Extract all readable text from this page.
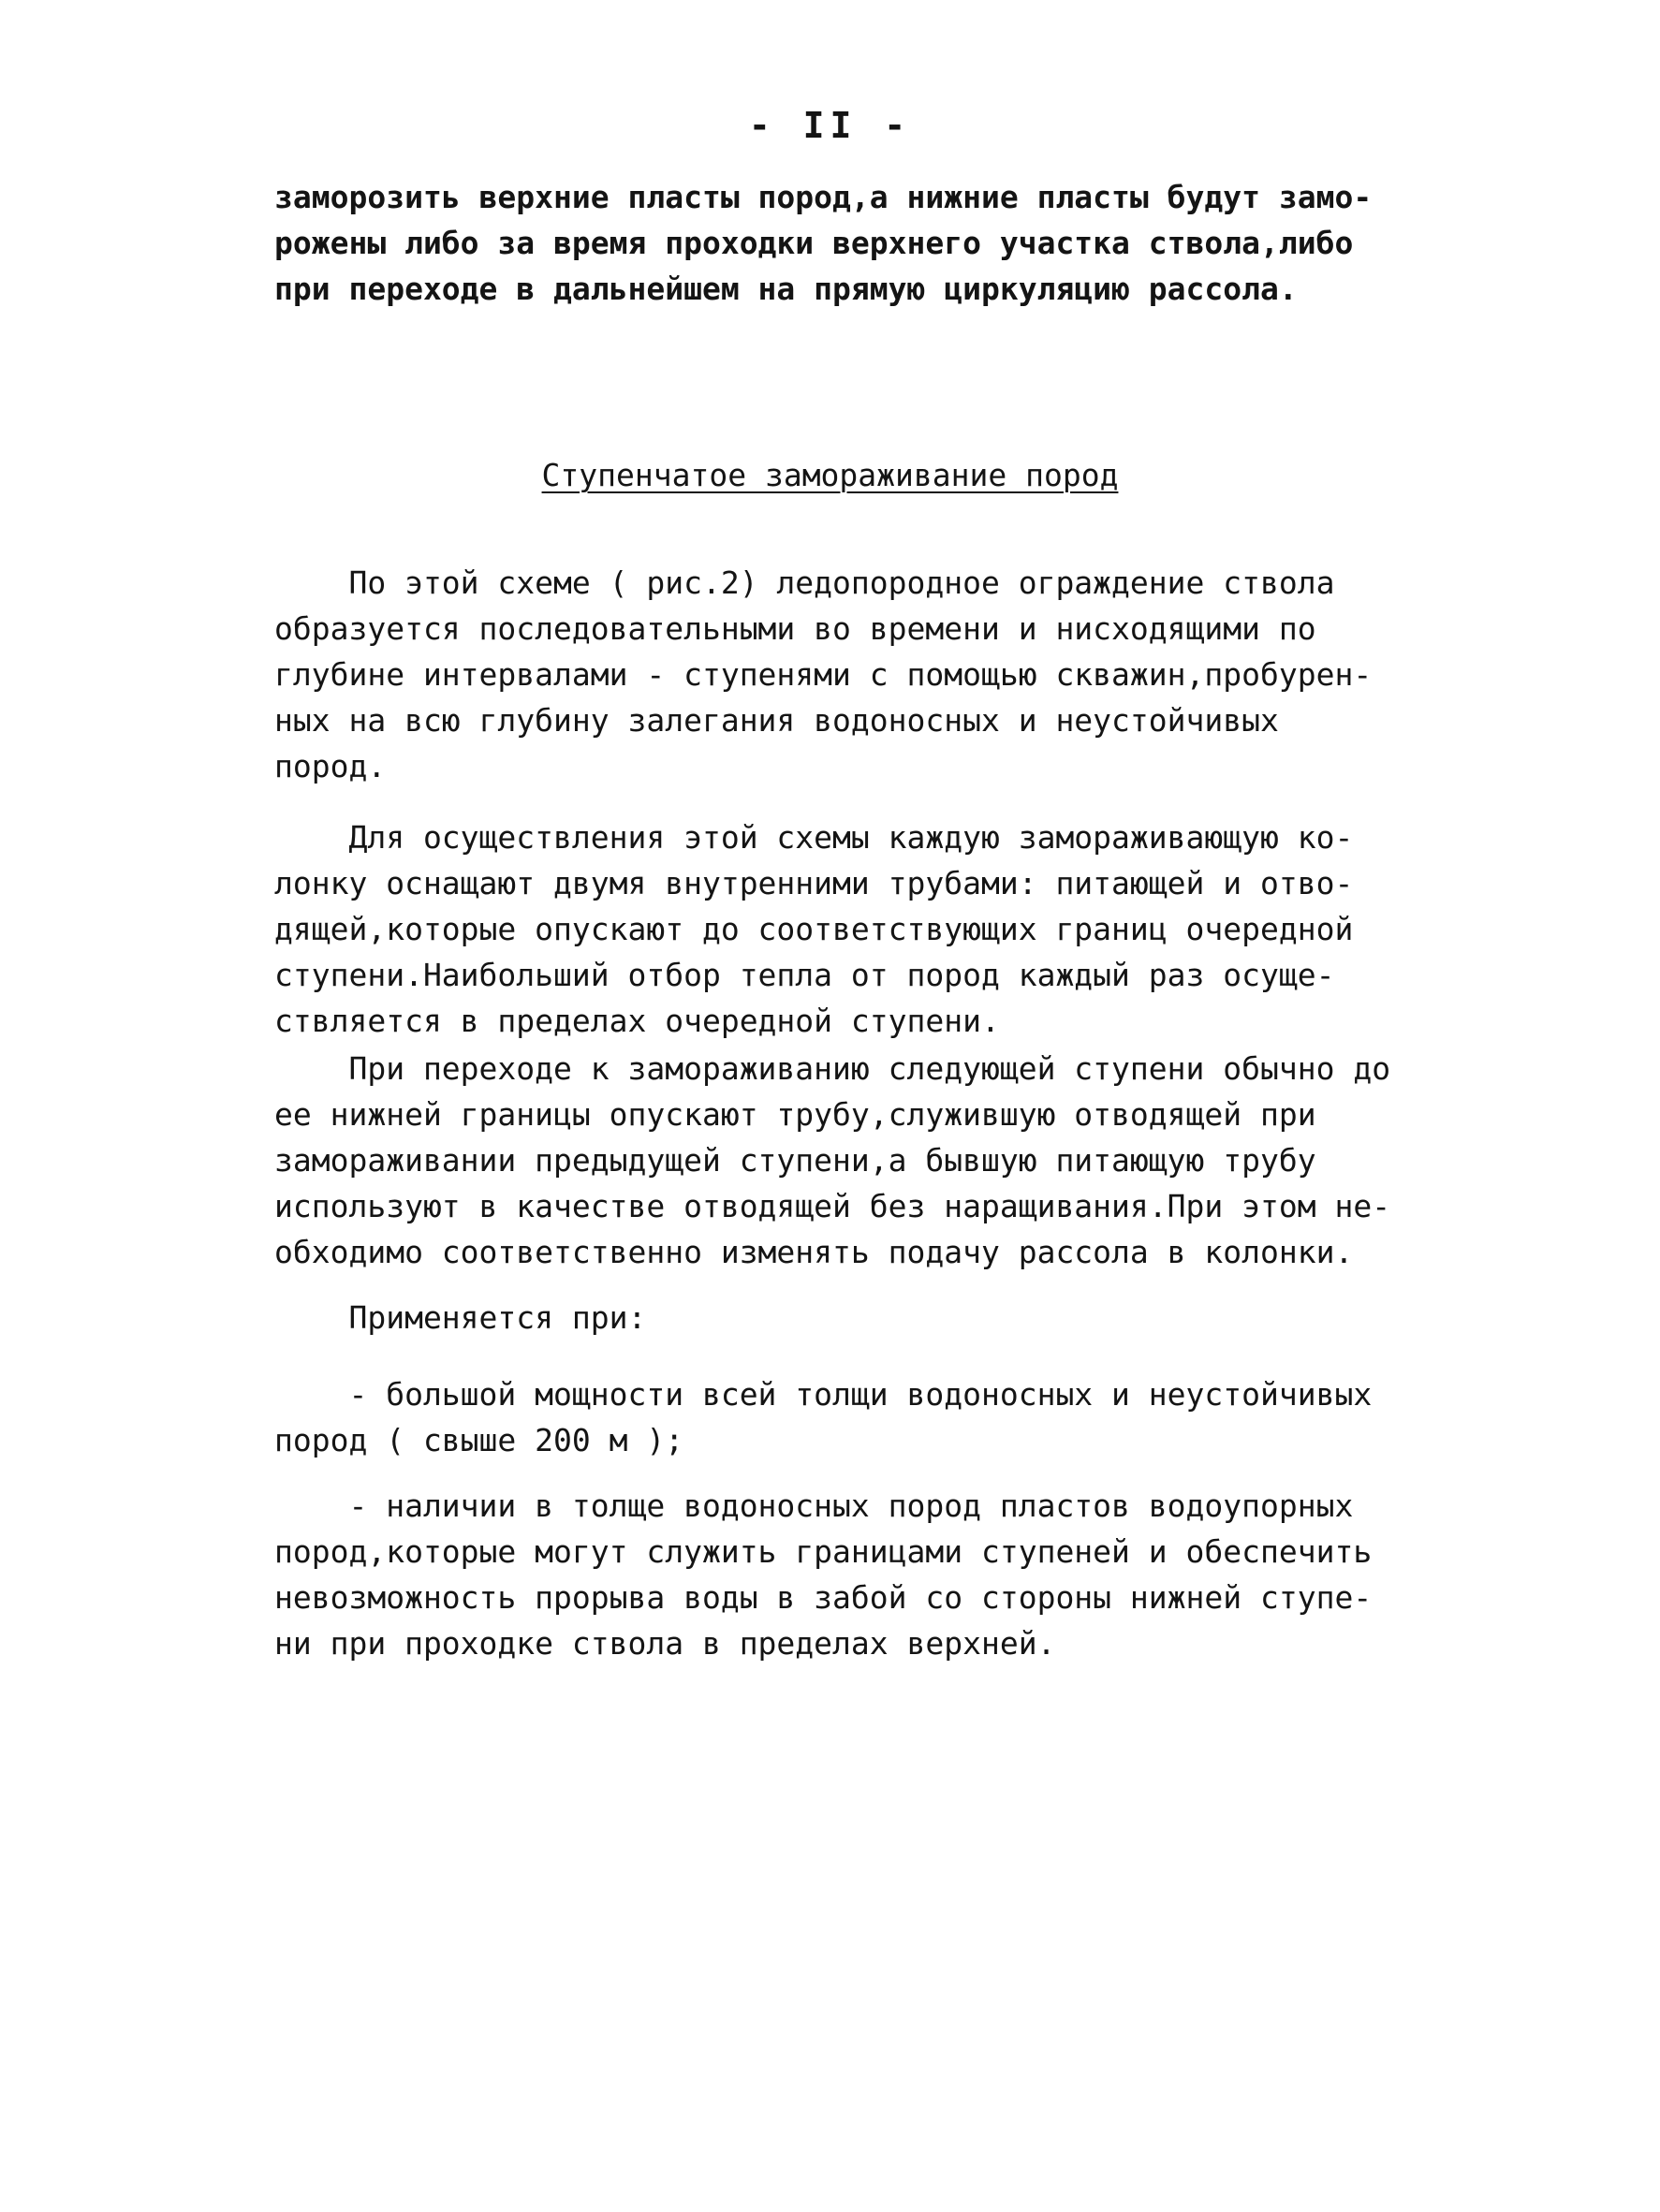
- II -
заморозить верхние пласты пород,а нижние пласты будут замо-
рожены либо за время проходки верхнего участка ствола,либо
при переходе в дальнейшем на прямую циркуляцию рассола.
Ступенчатое замораживание пород
По этой схеме ( рис.2) ледопородное ограждение ствола
образуется последовательными во времени и нисходящими по
глубине интервалами - ступенями с помощью скважин,пробурен-
ных на всю глубину залегания водоносных и неустойчивых
пород.
Для осуществления этой схемы каждую замораживающую ко-
лонку оснащают двумя внутренними трубами: питающей и отво-
дящей,которые опускают до соответствующих границ очередной
ступени.Наибольший отбор тепла от пород каждый раз осуще-
ствляется в пределах очередной ступени.
При переходе к замораживанию следующей ступени обычно до
ее нижней границы опускают трубу,служившую отводящей при
замораживании предыдущей ступени,а бывшую питающую трубу
используют в качестве отводящей без наращивания.При этом не-
обходимо соответственно изменять подачу рассола в колонки.
Применяется при:
- большой мощности всей толщи водоносных и неустойчивых
пород ( свыше 200 м );
- наличии в толще водоносных пород пластов водоупорных
пород,которые могут служить границами ступеней и обеспечить
невозможность прорыва воды в забой со стороны нижней ступе-
ни при проходке ствола в пределах верхней.
